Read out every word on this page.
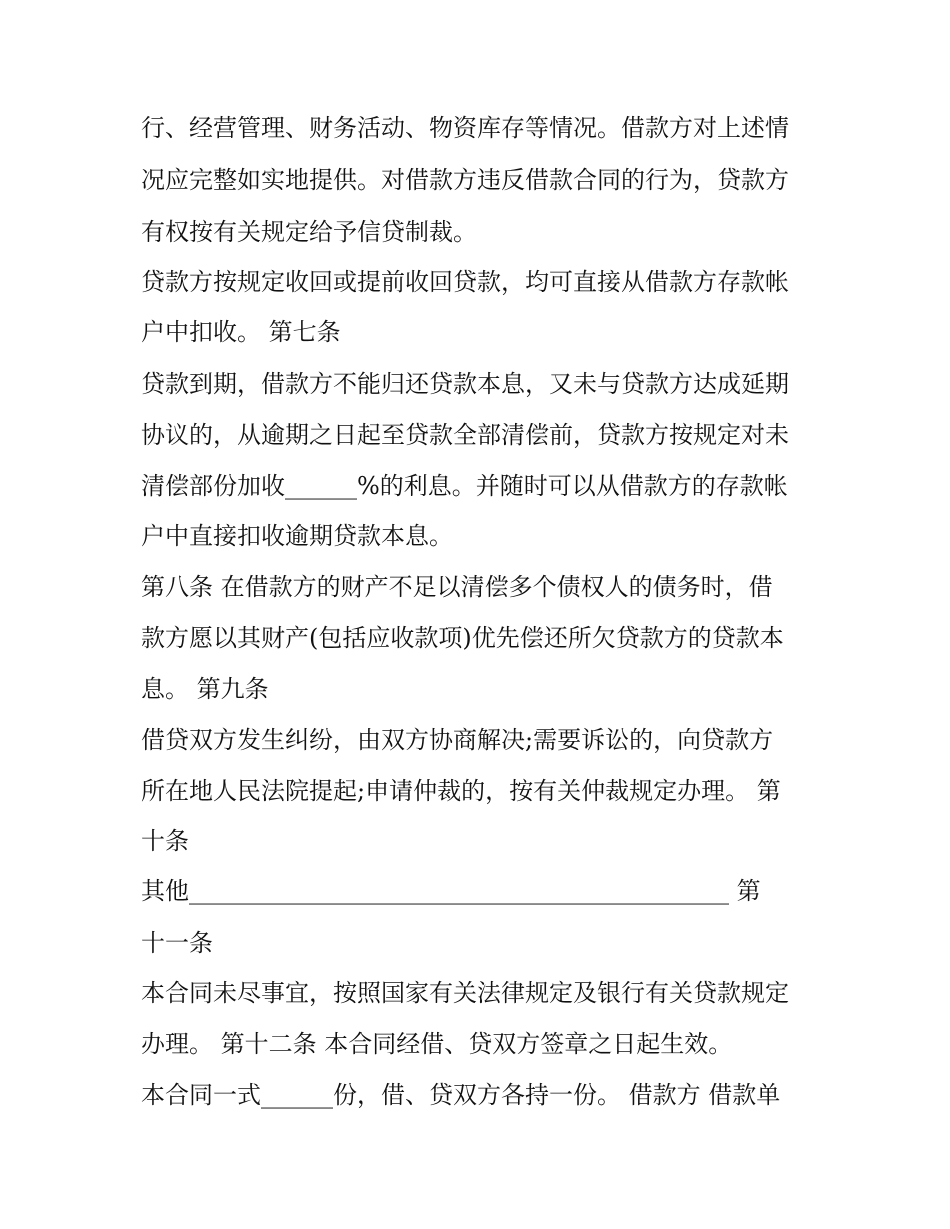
行、经营管理、财务活动、物资库存等情况。借款方对上述情

况应完整如实地提供。对借款方违反借款合同的行为，贷款方

有权按有关规定给予信贷制裁。

贷款方按规定收回或提前收回贷款，均可直接从借款方存款帐

户中扣收。 第七条

贷款到期，借款方不能归还贷款本息，又未与贷款方达成延期

协议的，从逾期之日起至贷款全部清偿前，贷款方按规定对未

清偿部份加收______%的利息。并随时可以从借款方的存款帐

户中直接扣收逾期贷款本息。

第八条 在借款方的财产不足以清偿多个债权人的债务时，借

款方愿以其财产(包括应收款项)优先偿还所欠贷款方的贷款本

息。 第九条

借贷双方发生纠纷，由双方协商解决;需要诉讼的，向贷款方

所在地人民法院提起;申请仲裁的，按有关仲裁规定办理。 第

十条

其他_____________________________________________ 第

十一条

本合同未尽事宜，按照国家有关法律规定及银行有关贷款规定

办理。 第十二条 本合同经借、贷双方签章之日起生效。

本合同一式______份，借、贷双方各持一份。 借款方 借款单
